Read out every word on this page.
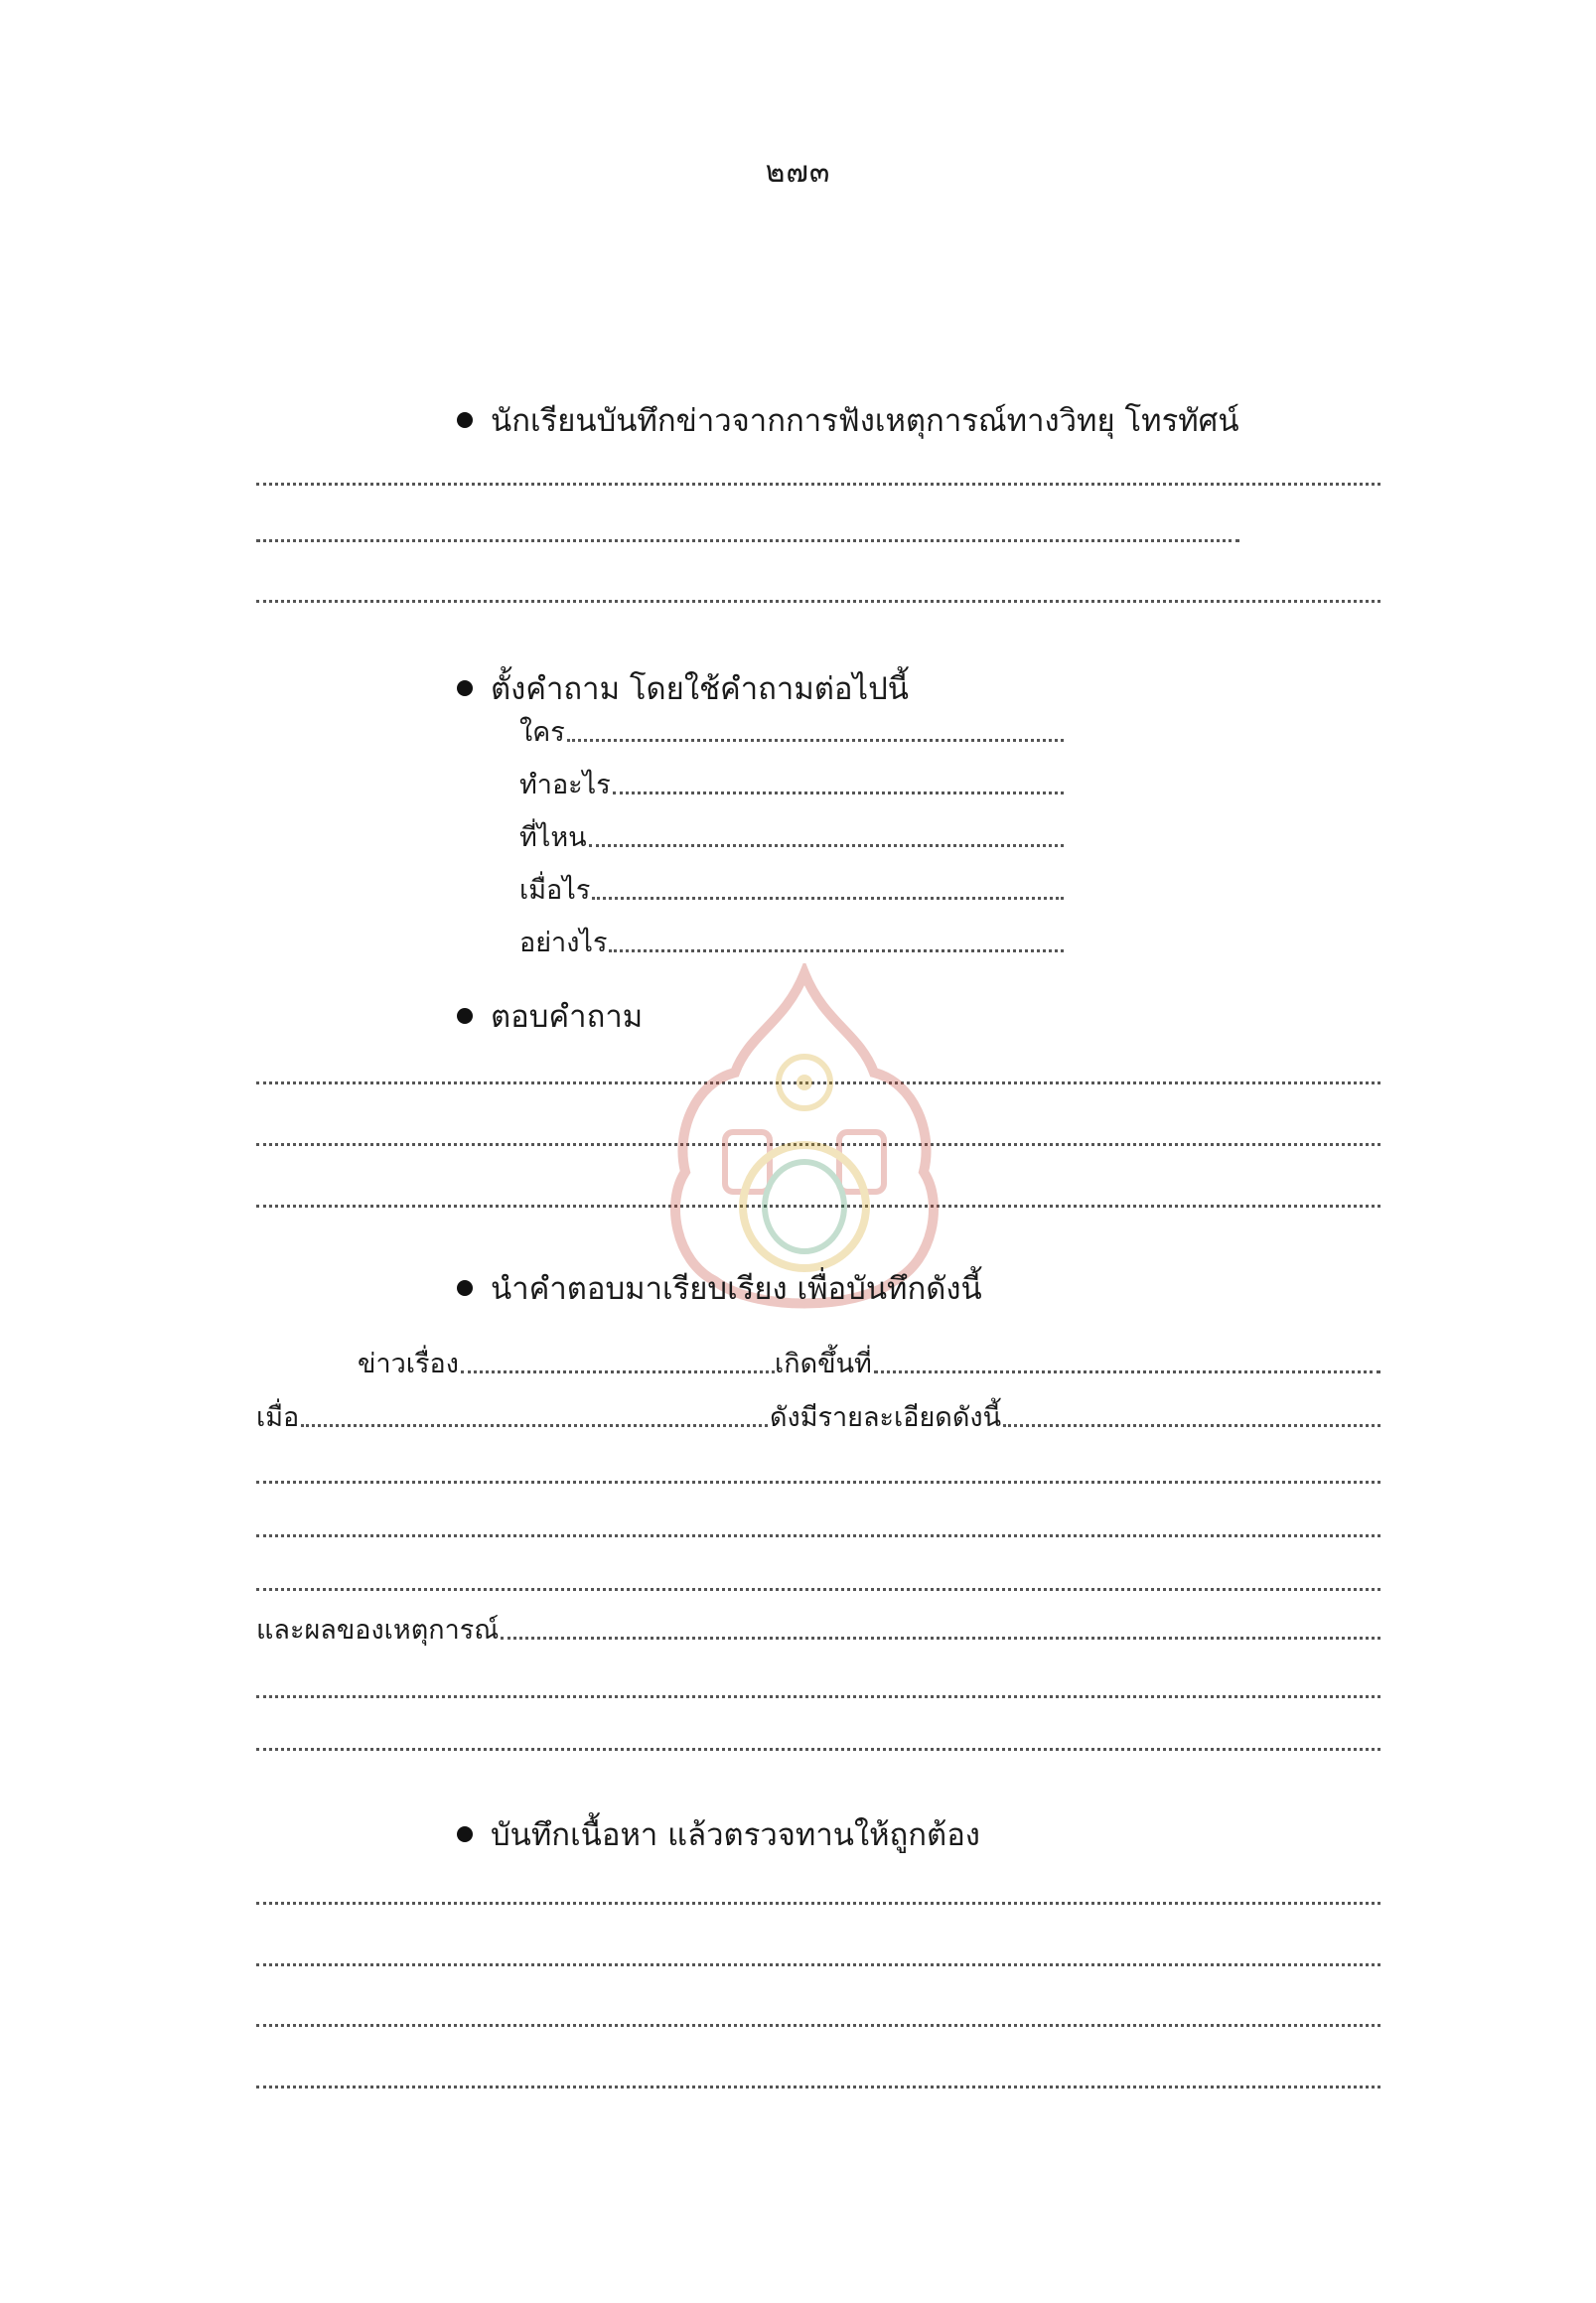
๒๗๓
นักเรียนบันทึกข่าวจากการฟังเหตุการณ์ทางวิทยุ โทรทัศน์
ตั้งคำถาม โดยใช้คำถามต่อไปนี้
ใคร
ทำอะไร
ที่ไหน
เมื่อไร
อย่างไร
ตอบคำถาม
นำคำตอบมาเรียบเรียง เพื่อบันทึกดังนี้
ข่าวเรื่อง	เกิดขึ้นที่
เมื่อ	ดังมีรายละเอียดดังนี้
และผลของเหตุการณ์
บันทึกเนื้อหา แล้วตรวจทานให้ถูกต้อง
